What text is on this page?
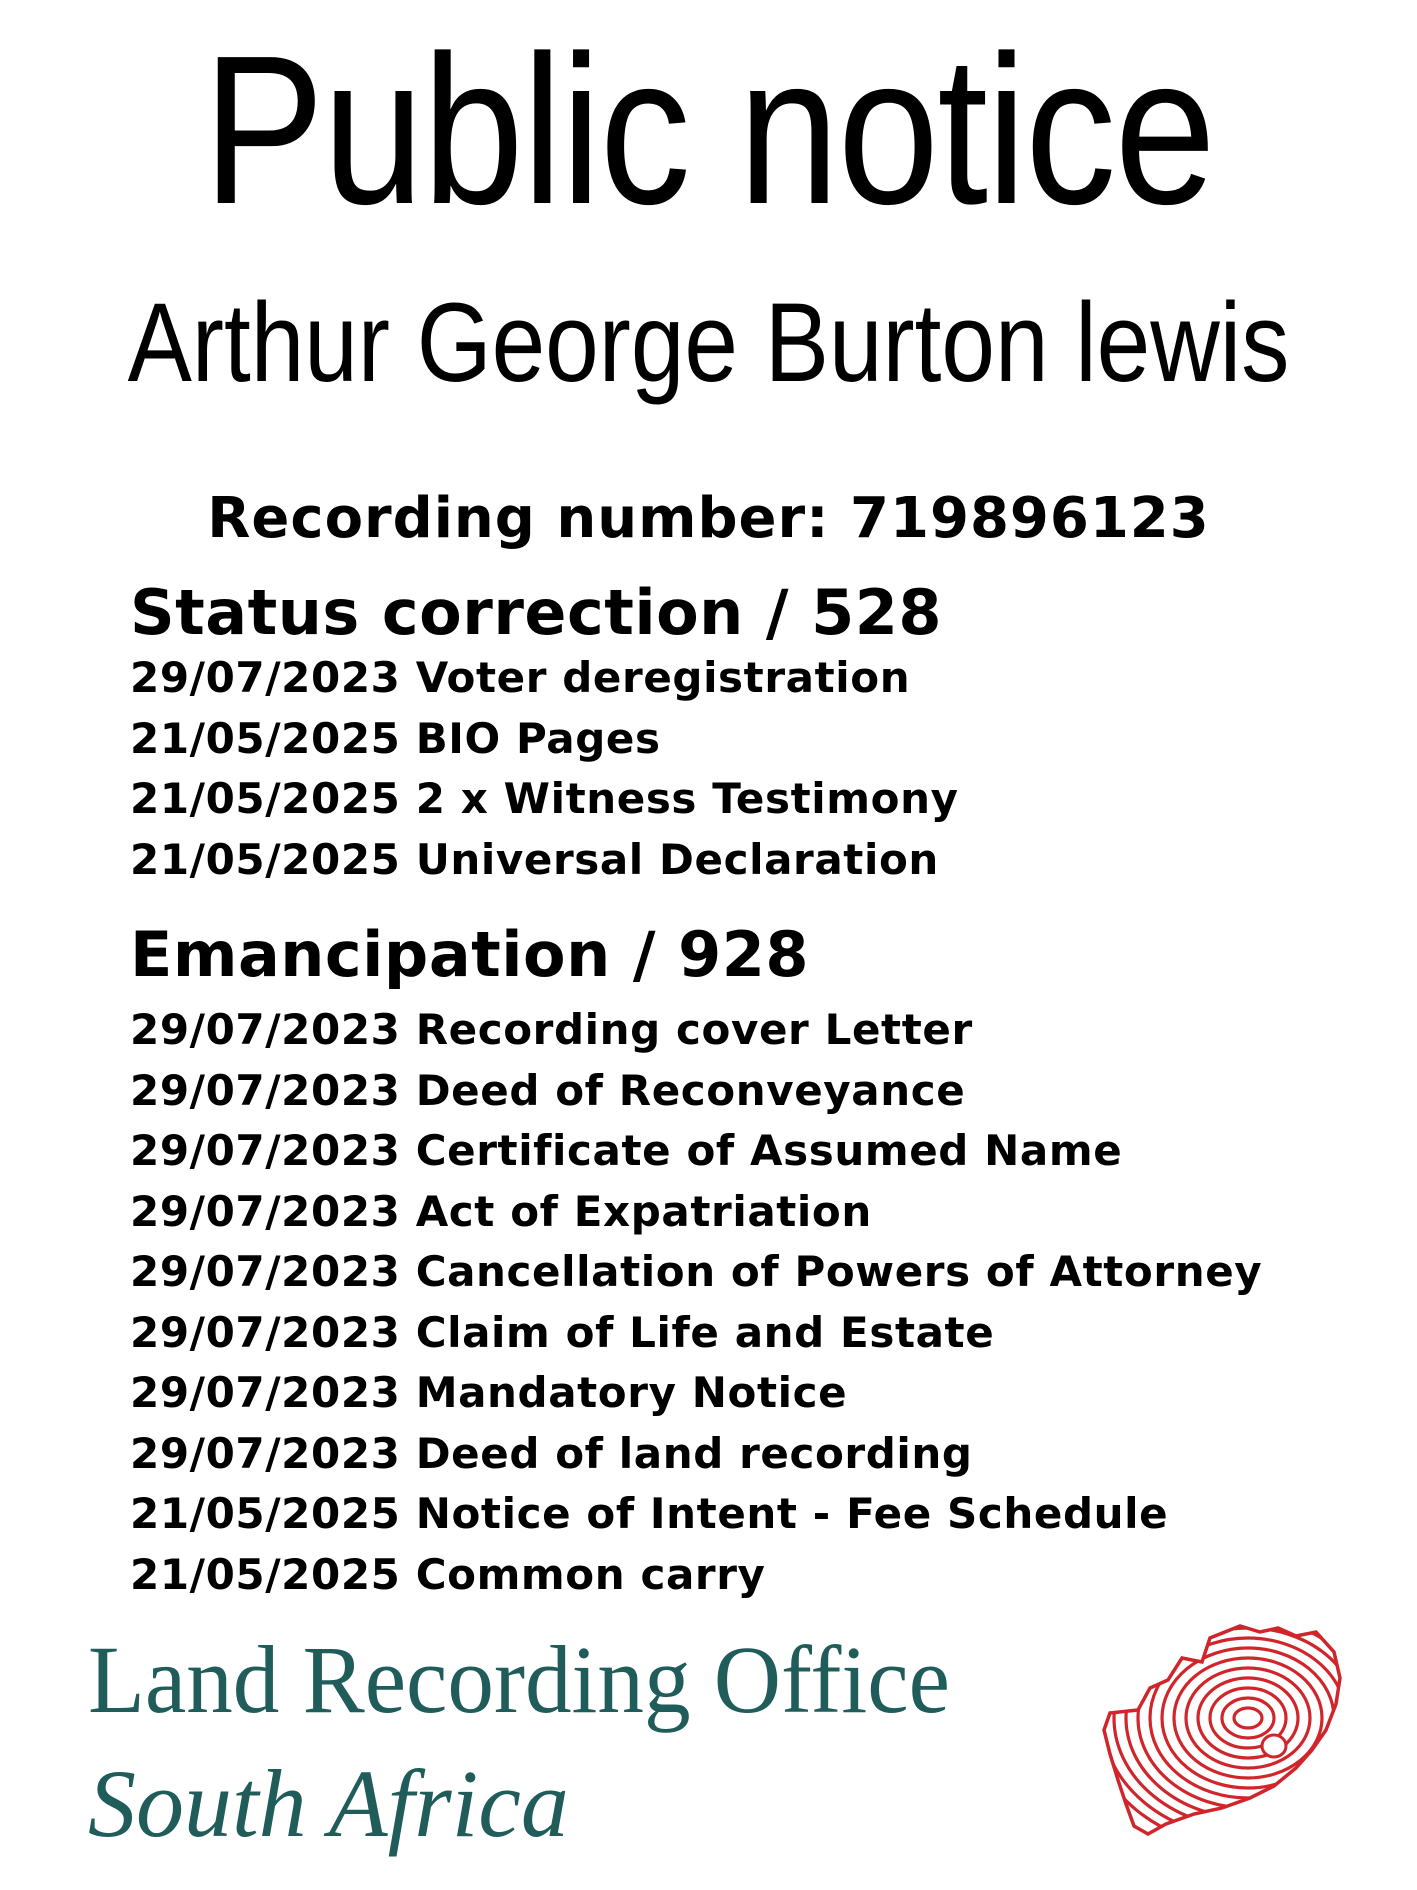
Public notice
Arthur George Burton lewis
Recording number: 719896123
Status correction / 528
29/07/2023 Voter deregistration
21/05/2025 BIO Pages
21/05/2025 2 x Witness Testimony
21/05/2025 Universal Declaration
Emancipation / 928
29/07/2023 Recording cover Letter
29/07/2023 Deed of Reconveyance
29/07/2023 Certificate of Assumed Name
29/07/2023 Act of Expatriation
29/07/2023 Cancellation of Powers of Attorney
29/07/2023 Claim of Life and Estate
29/07/2023 Mandatory Notice
29/07/2023 Deed of land recording
21/05/2025 Notice of Intent - Fee Schedule
21/05/2025 Common carry
Land Recording Office
South Africa
